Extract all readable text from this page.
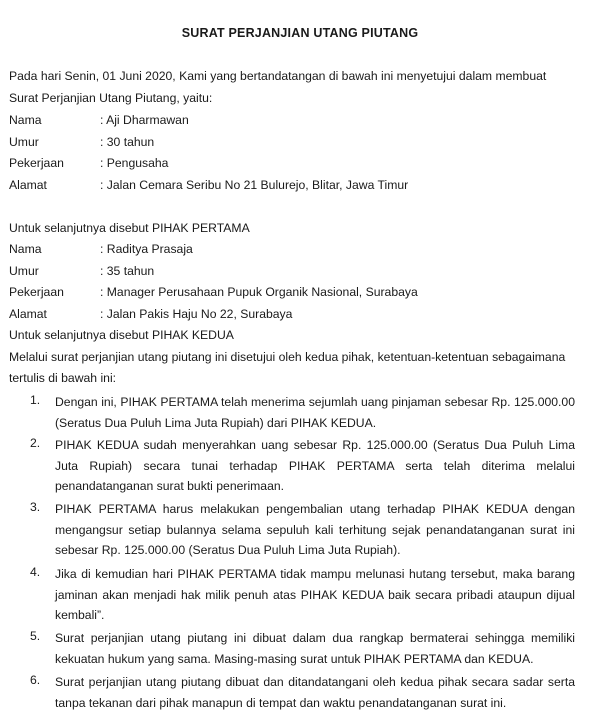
SURAT PERJANJIAN UTANG PIUTANG
Pada hari Senin, 01 Juni 2020, Kami yang bertandatangan di bawah ini menyetujui dalam membuat
Surat Perjanjian Utang Piutang, yaitu:
Nama	: Aji Dharmawan
Umur	: 30 tahun
Pekerjaan	: Pengusaha
Alamat	: Jalan Cemara Seribu No 21 Bulurejo, Blitar, Jawa Timur
Untuk selanjutnya disebut PIHAK PERTAMA
Nama	: Raditya Prasaja
Umur	: 35 tahun
Pekerjaan	: Manager Perusahaan Pupuk Organik Nasional, Surabaya
Alamat	: Jalan Pakis Haju No 22, Surabaya
Untuk selanjutnya disebut PIHAK KEDUA
Melalui surat perjanjian utang piutang ini disetujui oleh kedua pihak, ketentuan-ketentuan sebagaimana
tertulis di bawah ini:
1. Dengan ini, PIHAK PERTAMA telah menerima sejumlah uang pinjaman sebesar Rp. 125.000.00 (Seratus Dua Puluh Lima Juta Rupiah) dari PIHAK KEDUA.
2. PIHAK KEDUA sudah menyerahkan uang sebesar Rp. 125.000.00 (Seratus Dua Puluh Lima Juta Rupiah) secara tunai terhadap PIHAK PERTAMA serta telah diterima melalui penandatanganan surat bukti penerimaan.
3. PIHAK PERTAMA harus melakukan pengembalian utang terhadap PIHAK KEDUA dengan mengangsur setiap bulannya selama sepuluh kali terhitung sejak penandatanganan surat ini sebesar Rp. 125.000.00 (Seratus Dua Puluh Lima Juta Rupiah).
4. Jika di kemudian hari PIHAK PERTAMA tidak mampu melunasi hutang tersebut, maka barang jaminan akan menjadi hak milik penuh atas PIHAK KEDUA baik secara pribadi ataupun dijual kembali”.
5. Surat perjanjian utang piutang ini dibuat dalam dua rangkap bermaterai sehingga memiliki kekuatan hukum yang sama. Masing-masing surat untuk PIHAK PERTAMA dan KEDUA.
6. Surat perjanjian utang piutang dibuat dan ditandatangani oleh kedua pihak secara sadar serta tanpa tekanan dari pihak manapun di tempat dan waktu penandatanganan surat ini.
